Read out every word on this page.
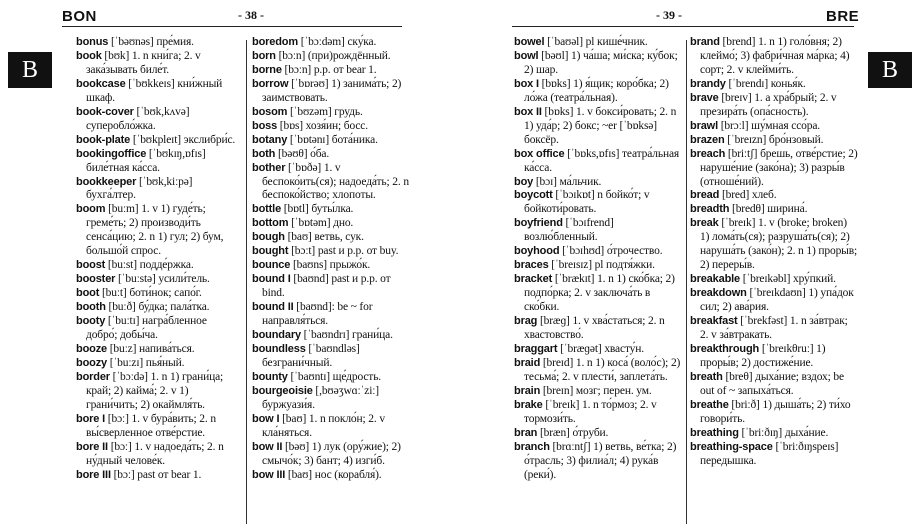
BON	- 38 -
B

bonus [ˈbəʊnəs] пре́мия.

book [bʊk] 1. n кни́га; 2. v зака́зывать биле́т.

bookcase [ˈbʊkkeɪs] кни́жный шкаф.

book-cover [ˈbʊk,kʌvə] суперобло́жка.

book-plate [ˈbʊkpleɪt] экслибри́с.

bookingoffice [ˈbʊkɪŋ,ɒfɪs] биле́тная ка́сса.

bookkeeper [ˈbʊk,kiːpə] бухга́лтер.

boom [buːm] 1. v 1) гуде́ть; греме́ть; 2) производи́ть сенса́цию; 2. n 1) гул; 2) бум, большо́й спрос.

boost [buːst] подде́ржка.

booster [ˈbuːstə] усили́тель.

boot [buːt] боти́нок; сапо́г.

booth [buːð] бу́дка; пала́тка.

booty [ˈbuːtɪ] награ́бленное добро́; добы́ча.

booze [buːz] напива́ться.

boozy [ˈbuːzɪ] пья́ный.

border [ˈbɔːdə] 1. n 1) грани́ца; край; 2) кайма́; 2. v 1) грани́чить; 2) окаймля́ть.

bore I [bɔː] 1. v бура́вить; 2. n вы́сверленное отве́рстие.

bore II [bɔː] 1. v надоеда́ть; 2. n ну́дный челове́к.

bore III [bɔː] past от bear 1.

boredom [ˈbɔːdəm] ску́ка.

born [bɔːn] (при)рождённый.

borne [bɔːn] p.p. от bear 1.

borrow [ˈbɒrəʊ] 1) занима́ть; 2) заимствовать.

bosom [ˈbʊzəm] грудь.

boss [bɒs] хозя́ин; босс.

botany [ˈbɒtənɪ] бота́ника.

both [bəʊθ] о́ба.

bother [ˈbɒðə] 1. v беспоко́ить(ся); надоеда́ть; 2. n беспоко́йство; хлопоты.

bottle [bɒtl] буты́лка.

bottom [ˈbɒtəm] дно.

bough [baʊ] ветвь, сук.

bought [bɔːt] past и p.p. от buy.

bounce [baʊns] прыжо́к.

bound I [baʊnd] past и p.p. от bind.

bound II [baʊnd]: be ~ for направля́ться.

boundary [ˈbaʊndrɪ] грани́ца.

boundless [ˈbaʊndləs] безграни́чный.

bounty [ˈbaʊntɪ] ще́дрость.

bourgeoisie [,bʊəʒwɑːˈziː] буржуази́я.

bow I [baʊ] 1. n покло́н; 2. v кла́няться.

bow II [bəʊ] 1) лук (ору́жие); 2) смычо́к; 3) бант; 4) изги́б.

bow III [baʊ] нос (корабля́).

- 39 -	BRE
B

bowel [ˈbaʊəl] pl кише́чник.

bowl [bəʊl] 1) ча́ша; ми́ска; ку́бок; 2) шар.

box I [bɒks] 1) я́щик; коро́бка; 2) ло́жа (театра́льная).

box II [bɒks] 1. v бокси́ровать; 2. n 1) уда́р; 2) бокс; ~er [ˈbɒksə] боксёр.

box office [ˈbɒks,ɒfɪs] театра́льная ка́сса.

boy [bɔɪ] ма́льчик.

boycott [ˈbɔɪkɒt] n бойко́т; v бойкоти́ровать.

boyfriend [ˈbɔɪfrend] возлю́бленный.

boyhood [ˈbɔɪhʊd] о́трочество.

braces [ˈbreɪsɪz] pl подтя́жки.

bracket [ˈbrækɪt] 1. n 1) ско́бка; 2) подпо́рка; 2. v заключа́ть в ско́бки.

brag [bræɡ] 1. v хва́статься; 2. n хвастовство́.

braggart [ˈbræɡət] хвасту́н.

braid [breɪd] 1. n 1) коса́ (воло́с); 2) тесьма́; 2. v плести́, заплета́ть.

brain [breɪn] мозг; перен. ум.

brake [ˈbreɪk] 1. n то́рмоз; 2. v тормози́ть.

bran [bræn] о́труби.

branch [brɑːntʃ] 1) ветвь, ве́тка; 2) о́трасль; 3) филиа́л; 4) рука́в (реки́).

brand [brend] 1. n 1) голо́вня; 2) клеймо́; 3) фабри́чная ма́рка; 4) сорт; 2. v клейми́ть.

brandy [ˈbrendɪ] конья́к.

brave [breɪv] 1. a хра́брый; 2. v презира́ть (опа́сность).

brawl [brɔːl] шу́мная ссо́ра.

brazen [ˈbreɪzn] бро́нзовый.

breach [briːtʃ] брешь, отве́рстие; 2) наруше́ние (зако́на); 3) разры́в (отноше́ний).

bread [bred] хлеб.

breadth [bredθ] ширина́.

break [ˈbreɪk] 1. v (broke; broken) 1) лома́ть(ся); разруша́ть(ся); 2) наруша́ть (зако́н); 2. n 1) проры́в; 2) переры́в.

breakable [ˈbreɪkəbl] хру́пкий.

breakdown [ˈbreɪkdaʊn] 1) упа́док сил; 2) ава́рия.

breakfast [ˈbrekfəst] 1. n за́втрак; 2. v за́втракать.

breakthrough [ˈbreɪkθruː] 1) проры́в; 2) достиже́ние.

breath [breθ] дыха́ние; вздох; be out of ~ запыха́ться.

breathe [briːð] 1) дыша́ть; 2) ти́хо говори́ть.

breathing [ˈbriːðɪŋ] дыха́ние.

breathing-space [ˈbriːðɪŋspeɪs] передышка.
